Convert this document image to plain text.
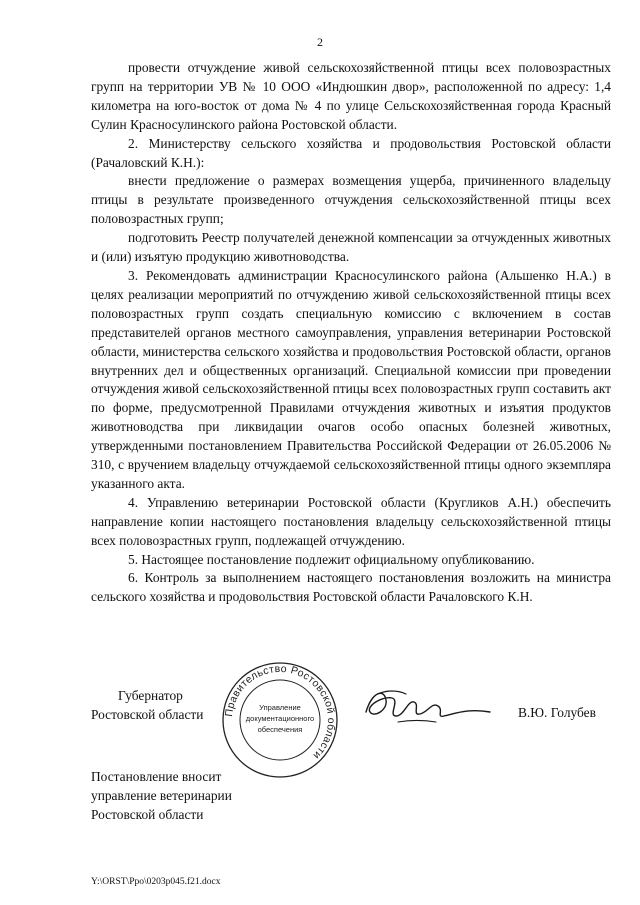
2

провести отчуждение живой сельскохозяйственной птицы всех половозрастных групп на территории УВ № 10 ООО «Индюшкин двор», расположенной по адресу: 1,4 километра на юго-восток от дома № 4 по улице Сельскохозяйственная города Красный Сулин Красносулинского района Ростовской области.

2. Министерству сельского хозяйства и продовольствия Ростовской области (Рачаловский К.Н.):

внести предложение о размерах возмещения ущерба, причиненного владельцу птицы в результате произведенного отчуждения сельскохозяйственной птицы всех половозрастных групп;

подготовить Реестр получателей денежной компенсации за отчужденных животных и (или) изъятую продукцию животноводства.

3. Рекомендовать администрации Красносулинского района (Альшенко Н.А.) в целях реализации мероприятий по отчуждению живой сельскохозяйственной птицы всех половозрастных групп создать специальную комиссию с включением в состав представителей органов местного самоуправления, управления ветеринарии Ростовской области, министерства сельского хозяйства и продовольствия Ростовской области, органов внутренних дел и общественных организаций. Специальной комиссии при проведении отчуждения живой сельскохозяйственной птицы всех половозрастных групп составить акт по форме, предусмотренной Правилами отчуждения животных и изъятия продуктов животноводства при ликвидации очагов особо опасных болезней животных, утвержденными постановлением Правительства Российской Федерации от 26.05.2006 № 310, с вручением владельцу отчуждаемой сельскохозяйственной птицы одного экземпляра указанного акта.

4. Управлению ветеринарии Ростовской области (Кругликов А.Н.) обеспечить направление копии настоящего постановления владельцу сельскохозяйственной птицы всех половозрастных групп, подлежащей отчуждению.

5. Настоящее постановление подлежит официальному опубликованию.

6. Контроль за выполнением настоящего постановления возложить на министра сельского хозяйства и продовольствия Ростовской области Рачаловского К.Н.

Губернатор
Ростовской области Правительство Ростовской области
Управление
документационного
обеспечения
В.Ю. Голубев
Постановление вносит
управление ветеринарии
Ростовской области
Y:\ORST\Ppo\0203p045.f21.docx
